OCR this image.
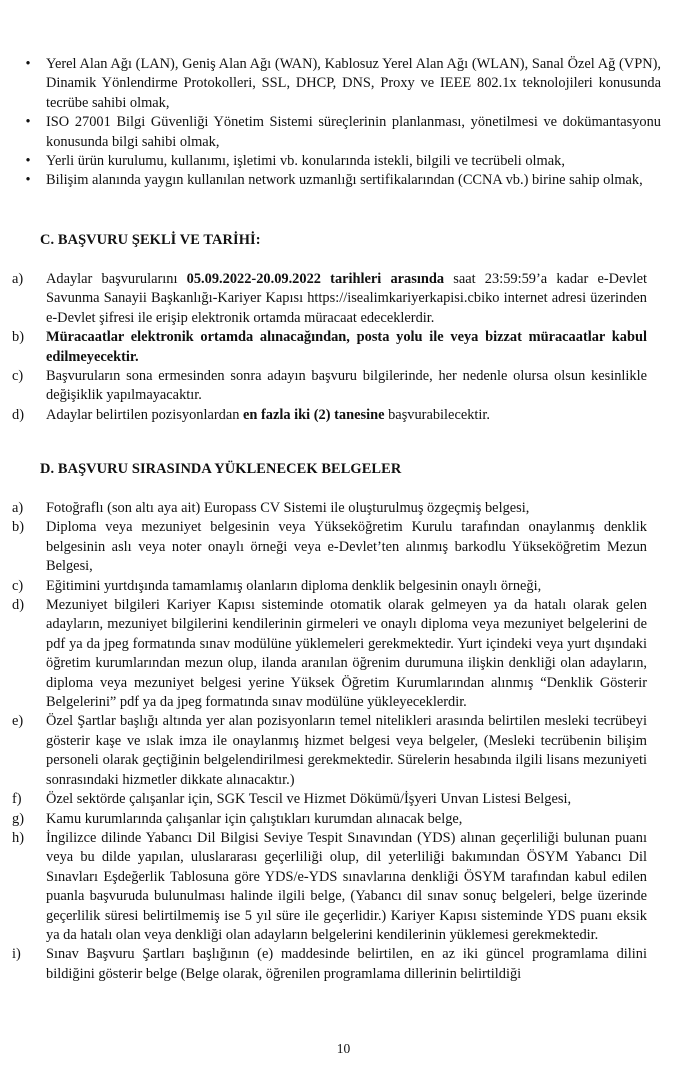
•	Yerel Alan Ağı (LAN), Geniş Alan Ağı (WAN), Kablosuz Yerel Alan Ağı (WLAN), Sanal Özel Ağ (VPN), Dinamik Yönlendirme Protokolleri, SSL, DHCP, DNS, Proxy ve IEEE 802.1x teknolojileri konusunda tecrübe sahibi olmak,
•	ISO 27001 Bilgi Güvenliği Yönetim Sistemi süreçlerinin planlanması, yönetilmesi ve dokümantasyonu konusunda bilgi sahibi olmak,
•	Yerli ürün kurulumu, kullanımı, işletimi vb. konularında istekli, bilgili ve tecrübeli olmak,
•	Bilişim alanında yaygın kullanılan network uzmanlığı sertifikalarından (CCNA vb.) birine sahip olmak,
C. BAŞVURU ŞEKLİ VE TARİHİ:
a) Adaylar başvurularını 05.09.2022-20.09.2022 tarihleri arasında saat 23:59:59’a kadar e-Devlet Savunma Sanayii Başkanlığı-Kariyer Kapısı https://isealimkariyerkapisi.cbiko internet adresi üzerinden e-Devlet şifresi ile erişip elektronik ortamda müracaat edeceklerdir.
b) Müracaatlar elektronik ortamda alınacağından, posta yolu ile veya bizzat müracaatlar kabul edilmeyecektir.
c) Başvuruların sona ermesinden sonra adayın başvuru bilgilerinde, her nedenle olursa olsun kesinlikle değişiklik yapılmayacaktır.
d) Adaylar belirtilen pozisyonlardan en fazla iki (2) tanesine başvurabilecektir.
D. BAŞVURU SIRASINDA YÜKLENECEK BELGELER
a) Fotoğraflı (son altı aya ait) Europass CV Sistemi ile oluşturulmuş özgeçmiş belgesi,
b) Diploma veya mezuniyet belgesinin veya Yükseköğretim Kurulu tarafından onaylanmış denklik belgesinin aslı veya noter onaylı örneği veya e-Devlet’ten alınmış barkodlu Yükseköğretim Mezun Belgesi,
c) Eğitimini yurtdışında tamamlamış olanların diploma denklik belgesinin onaylı örneği,
d) Mezuniyet bilgileri Kariyer Kapısı sisteminde otomatik olarak gelmeyen ya da hatalı olarak gelen adayların, mezuniyet bilgilerini kendilerinin girmeleri ve onaylı diploma veya mezuniyet belgelerini de pdf ya da jpeg formatında sınav modülüne yüklemeleri gerekmektedir. Yurt içindeki veya yurt dışındaki öğretim kurumlarından mezun olup, ilanda aranılan öğrenim durumuna ilişkin denkliği olan adayların, diploma veya mezuniyet belgesi yerine Yüksek Öğretim Kurumlarından alınmış “Denklik Gösterir Belgelerini” pdf ya da jpeg formatında sınav modülüne yükleyeceklerdir.
e) Özel Şartlar başlığı altında yer alan pozisyonların temel nitelikleri arasında belirtilen mesleki tecrübeyi gösterir kaşe ve ıslak imza ile onaylanmış hizmet belgesi veya belgeler, (Mesleki tecrübenin bilişim personeli olarak geçtiğinin belgelendirilmesi gerekmektedir. Sürelerin hesabında ilgili lisans mezuniyeti sonrasındaki hizmetler dikkate alınacaktır.)
f) Özel sektörde çalışanlar için, SGK Tescil ve Hizmet Dökümü/İşyeri Unvan Listesi Belgesi,
g) Kamu kurumlarında çalışanlar için çalıştıkları kurumdan alınacak belge,
h) İngilizce dilinde Yabancı Dil Bilgisi Seviye Tespit Sınavından (YDS) alınan geçerliliği bulunan puanı veya bu dilde yapılan, uluslararası geçerliliği olup, dil yeterliliği bakımından ÖSYM Yabancı Dil Sınavları Eşdeğerlik Tablosuna göre YDS/e-YDS sınavlarına denkliği ÖSYM tarafından kabul edilen puanla başvuruda bulunulması halinde ilgili belge, (Yabancı dil sınav sonuç belgeleri, belge üzerinde geçerlilik süresi belirtilmemiş ise 5 yıl süre ile geçerlidir.) Kariyer Kapısı sisteminde YDS puanı eksik ya da hatalı olan veya denkliği olan adayların belgelerini kendilerinin yüklemesi gerekmektedir.
i) Sınav Başvuru Şartları başlığının (e) maddesinde belirtilen, en az iki güncel programlama dilini bildiğini gösterir belge (Belge olarak, öğrenilen programlama dillerinin belirtildiği
10
